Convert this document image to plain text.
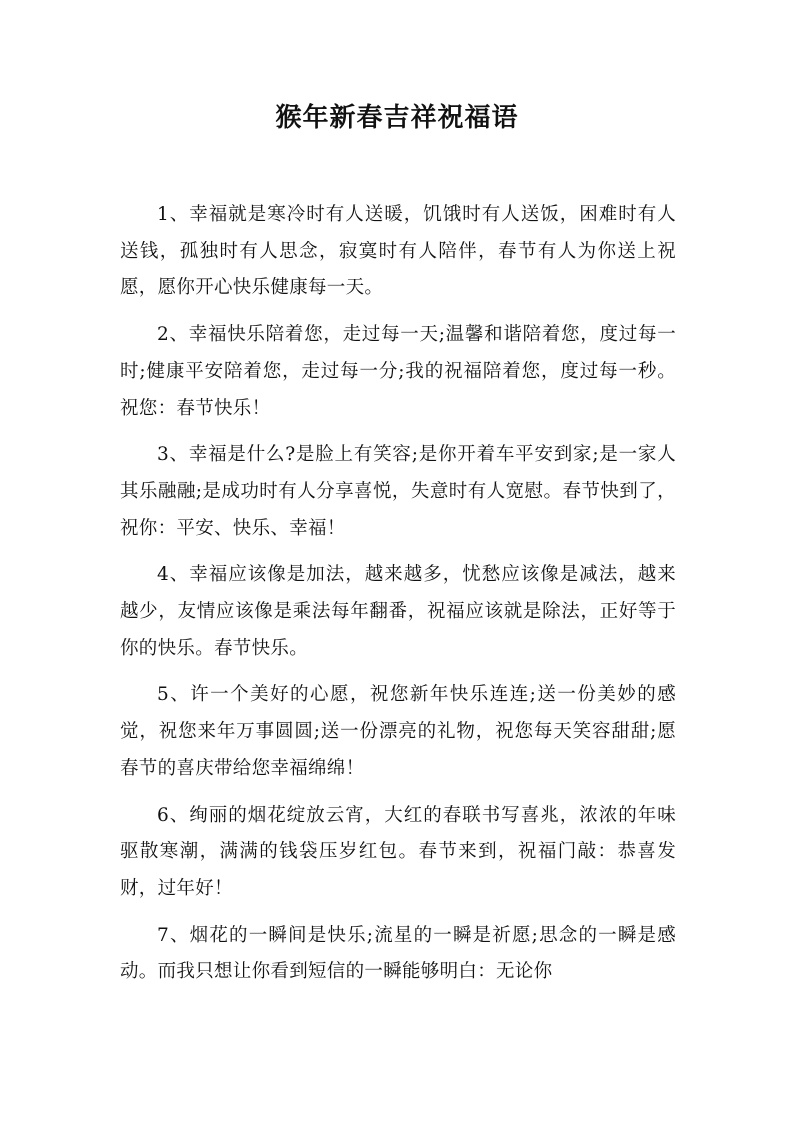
猴年新春吉祥祝福语

1、幸福就是寒冷时有人送暖，饥饿时有人送饭，困难时有人送钱，孤独时有人思念，寂寞时有人陪伴，春节有人为你送上祝愿，愿你开心快乐健康每一天。

2、幸福快乐陪着您，走过每一天;温馨和谐陪着您，度过每一时;健康平安陪着您，走过每一分;我的祝福陪着您，度过每一秒。祝您：春节快乐！

3、幸福是什么?是脸上有笑容;是你开着车平安到家;是一家人其乐融融;是成功时有人分享喜悦，失意时有人宽慰。春节快到了，祝你：平安、快乐、幸福！

4、幸福应该像是加法，越来越多，忧愁应该像是减法，越来越少，友情应该像是乘法每年翻番，祝福应该就是除法，正好等于你的快乐。春节快乐。

5、许一个美好的心愿，祝您新年快乐连连;送一份美妙的感觉，祝您来年万事圆圆;送一份漂亮的礼物，祝您每天笑容甜甜;愿春节的喜庆带给您幸福绵绵！

6、绚丽的烟花绽放云宵，大红的春联书写喜兆，浓浓的年味驱散寒潮，满满的钱袋压岁红包。春节来到，祝福门敲：恭喜发财，过年好！

7、烟花的一瞬间是快乐;流星的一瞬是祈愿;思念的一瞬是感动。而我只想让你看到短信的一瞬能够明白：无论你
